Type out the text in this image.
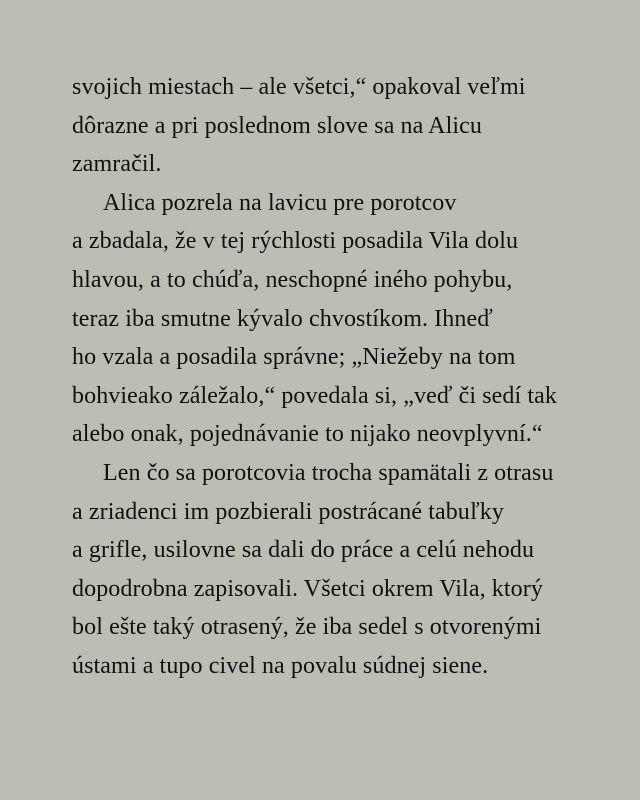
svojich miestach – ale všetci,“ opakoval veľmi
dôrazne a pri poslednom slove sa na Alicu
zamračil.
Alica pozrela na lavicu pre porotcov
a zbadala, že v tej rýchlosti posadila Vila dolu
hlavou, a to chúďa, neschopné iného pohybu,
teraz iba smutne kývalo chvostíkom. Ihneď
ho vzala a posadila správne; „Niežeby na tom
bohvieako záležalo,“ povedala si, „veď či sedí tak
alebo onak, pojednávanie to nijako neovplyvní.“
Len čo sa porotcovia trocha spamätali z otrasu
a zriadenci im pozbierali postrácané tabuľky
a grifle, usilovne sa dali do práce a celú nehodu
dopodrobna zapisovali. Všetci okrem Vila, ktorý
bol ešte taký otrasený, že iba sedel s otvorenými
ústami a tupo civel na povalu súdnej siene.
